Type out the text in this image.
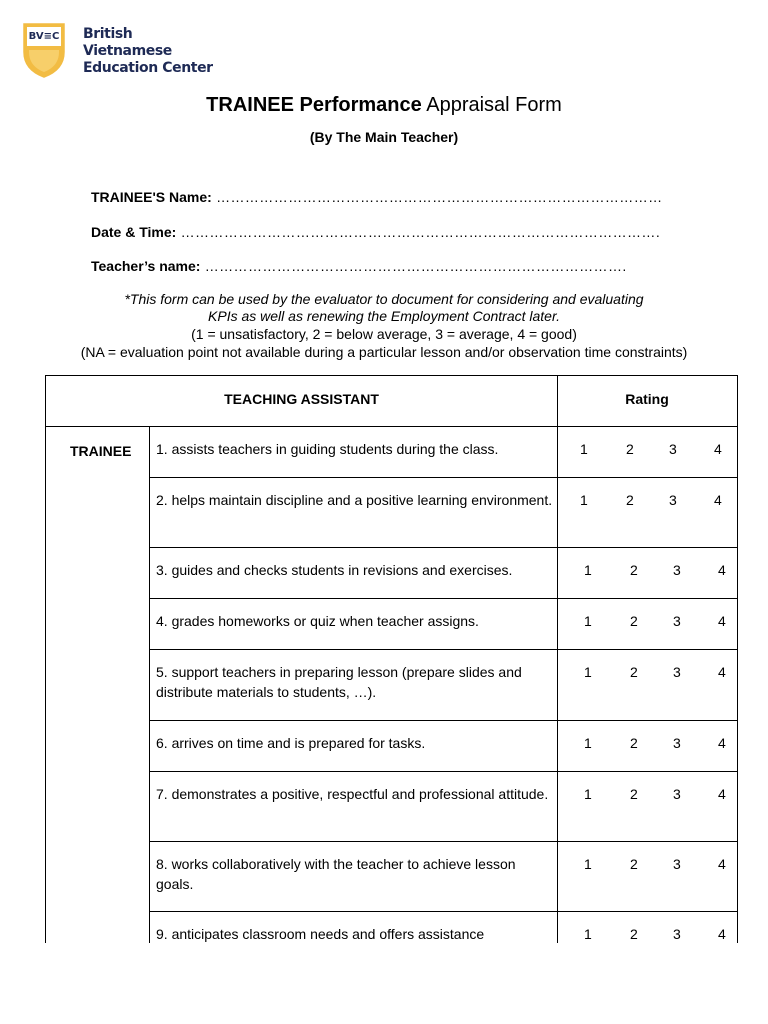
BV≡C British Vietnamese
Education Center
TRAINEE Performance Appraisal Form
(By The Main Teacher)
TRAINEE'S Name: …………………………………………………………………………………
Date & Time: ……………………………………………………………………………………….
Teacher’s name: …………………………………………………………………………….
*This form can be used by the evaluator to document for considering and evaluating
KPIs as well as renewing the Employment Contract later.
(1 = unsatisfactory, 2 = below average, 3 = average, 4 = good)
(NA = evaluation point not available during a particular lesson and/or observation time constraints)
TEACHING ASSISTANT	Rating
TRAINEE 1. assists teachers in guiding students during the class.	1	2	3	4
2. helps maintain discipline and a positive learning environment. 1	2	3	4
3. guides and checks students in revisions and exercises.	1	2	3	4
4. grades homeworks or quiz when teacher assigns.	1	2	3	4
5. support teachers in preparing lesson (prepare slides and distribute materials to students, …).
1	2	3	4
6. arrives on time and is prepared for tasks.	1	2	3	4
7. demonstrates a positive, respectful and professional attitude.	1	2	3	4
8. works collaboratively with the teacher to achieve lesson goals.
1	2	3	4
9. anticipates classroom needs and offers assistance	1	2	3	4
